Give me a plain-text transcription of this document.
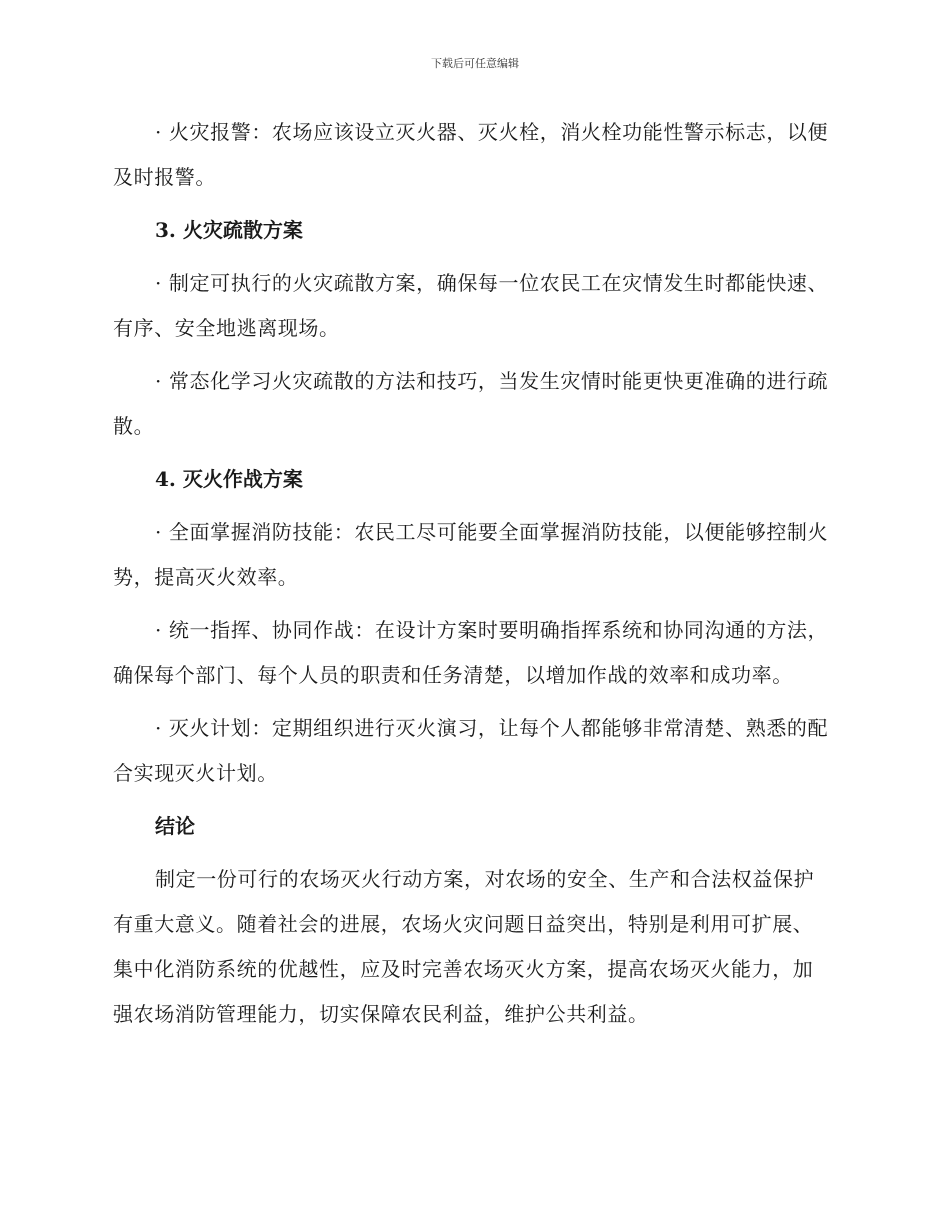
下载后可任意编辑

· 火灾报警：农场应该设立灭火器、灭火栓，消火栓功能性警示标志，以便及时报警。

3. 火灾疏散方案

· 制定可执行的火灾疏散方案，确保每一位农民工在灾情发生时都能快速、有序、安全地逃离现场。

· 常态化学习火灾疏散的方法和技巧，当发生灾情时能更快更准确的进行疏散。

4. 灭火作战方案

· 全面掌握消防技能：农民工尽可能要全面掌握消防技能，以便能够控制火势，提高灭火效率。

· 统一指挥、协同作战：在设计方案时要明确指挥系统和协同沟通的方法，确保每个部门、每个人员的职责和任务清楚，以增加作战的效率和成功率。

· 灭火计划：定期组织进行灭火演习，让每个人都能够非常清楚、熟悉的配合实现灭火计划。

结论

制定一份可行的农场灭火行动方案，对农场的安全、生产和合法权益保护有重大意义。随着社会的进展，农场火灾问题日益突出，特别是利用可扩展、集中化消防系统的优越性，应及时完善农场灭火方案，提高农场灭火能力，加强农场消防管理能力，切实保障农民利益，维护公共利益。
